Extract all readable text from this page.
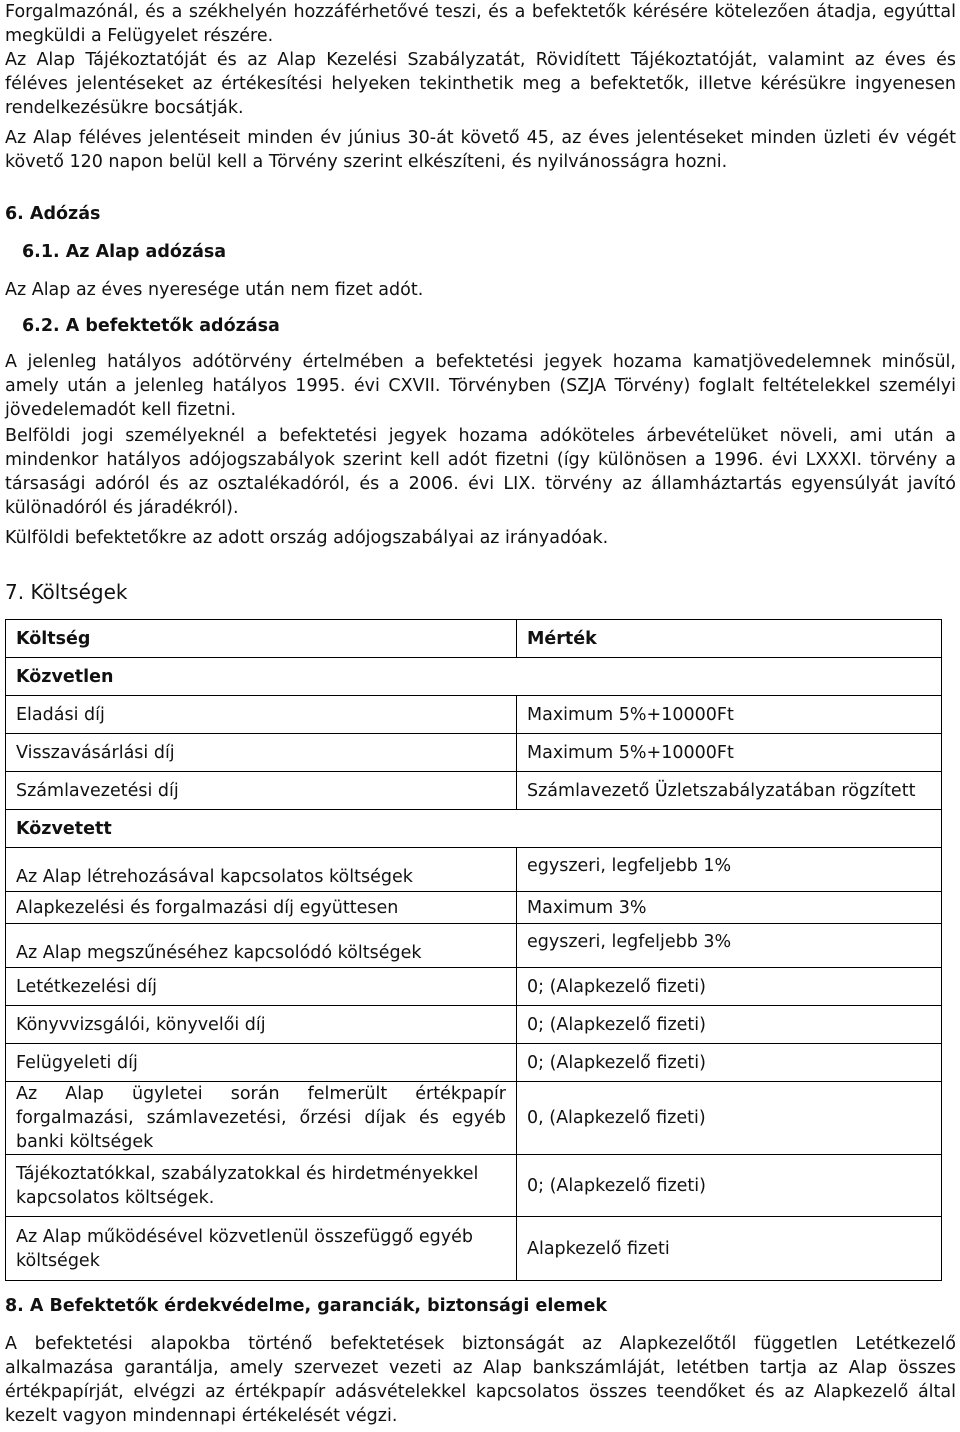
Forgalmazónál, és a székhelyén hozzáférhetővé teszi, és a befektetők kérésére kötelezően átadja, egyúttal megküldi a Felügyelet részére.

Az Alap Tájékoztatóját és az Alap Kezelési Szabályzatát, Rövidített Tájékoztatóját, valamint az éves és féléves jelentéseket az értékesítési helyeken tekinthetik meg a befektetők, illetve kérésükre ingyenesen rendelkezésükre bocsátják.

Az Alap féléves jelentéseit minden év június 30-át követő 45, az éves jelentéseket minden üzleti év végét követő 120 napon belül kell a Törvény szerint elkészíteni, és nyilvánosságra hozni.

6. Adózás
6.1. Az Alap adózása

Az Alap az éves nyeresége után nem fizet adót.

6.2. A befektetők adózása

A jelenleg hatályos adótörvény értelmében a befektetési jegyek hozama kamatjövedelemnek minősül, amely után a jelenleg hatályos 1995. évi CXVII. Törvényben (SZJA Törvény) foglalt feltételekkel személyi jövedelemadót kell fizetni.

Belföldi jogi személyeknél a befektetési jegyek hozama adóköteles árbevételüket növeli, ami után a mindenkor hatályos adójogszabályok szerint kell adót fizetni (így különösen a 1996. évi LXXXI. törvény a társasági adóról és az osztalékadóról, és a 2006. évi LIX. törvény az államháztartás egyensúlyát javító különadóról és járadékról).

Külföldi befektetőkre az adott ország adójogszabályai az irányadóak.

7. Költségek
Költség	Mérték
Közvetlen	
Eladási díj	Maximum 5%+10000Ft
Visszavásárlási díj	Maximum 5%+10000Ft
Számlavezetési díj	Számlavezető Üzletszabályzatában rögzített
Közvetett	
Az Alap létrehozásával kapcsolatos költségek	egyszeri, legfeljebb 1%
Alapkezelési és forgalmazási díj együttesen	Maximum 3%
Az Alap megszűnéséhez kapcsolódó költségek	egyszeri, legfeljebb 3%
Letétkezelési díj	0; (Alapkezelő fizeti)
Könyvvizsgálói, könyvelői díj	0; (Alapkezelő fizeti)
Felügyeleti díj	0; (Alapkezelő fizeti)
Az Alap ügyletei során felmerült értékpapír forgalmazási, számlavezetési, őrzési díjak és egyéb banki költségek	0, (Alapkezelő fizeti)
Tájékoztatókkal, szabályzatokkal és hirdetményekkel kapcsolatos költségek.	0; (Alapkezelő fizeti)
Az Alap működésével közvetlenül összefüggő egyéb költségek	Alapkezelő fizeti
8. A Befektetők érdekvédelme, garanciák, biztonsági elemek

A befektetési alapokba történő befektetések biztonságát az Alapkezelőtől független Letétkezelő alkalmazása garantálja, amely szervezet vezeti az Alap bankszámláját, letétben tartja az Alap összes értékpapírját, elvégzi az értékpapír adásvételekkel kapcsolatos összes teendőket és az Alapkezelő által kezelt vagyon mindennapi értékelését végzi.
